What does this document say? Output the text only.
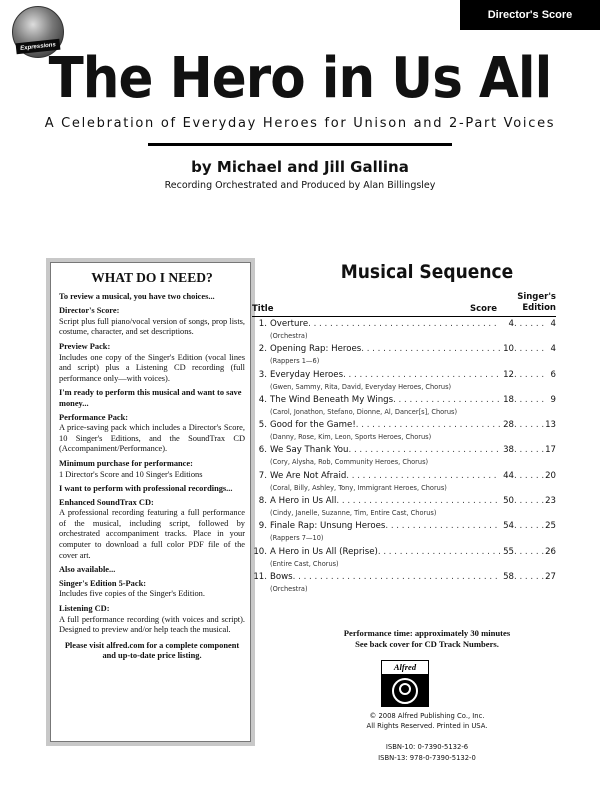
Director's Score
Expressions
The Hero in Us All
A Celebration of Everyday Heroes for Unison and 2-Part Voices
by Michael and Jill Gallina
Recording Orchestrated and Produced by Alan Billingsley
WHAT DO I NEED?
To review a musical, you have two choices...
Director's Score:
Script plus full piano/vocal version of songs, prop lists, costume, character, and set descriptions.
Preview Pack:
Includes one copy of the Singer's Edition (vocal lines and script) plus a Listening CD recording (full performance only—with voices).
I'm ready to perform this musical and want to save money...
Performance Pack:
A price-saving pack which includes a Director's Score, 10 Singer's Editions, and the SoundTrax CD (Accompaniment/Performance).
Minimum purchase for performance:
1 Director's Score and 10 Singer's Editions
I want to perform with professional recordings...
Enhanced SoundTrax CD:
A professional recording featuring a full performance of the musical, including script, followed by orchestrated accompaniment tracks. Place in your computer to download a full color PDF file of the cover art.
Also available...
Singer's Edition 5-Pack:
Includes five copies of the Singer's Edition.
Listening CD:
A full performance recording (with voices and script). Designed to preview and/or help teach the musical.
Please visit alfred.com for a complete component and up-to-date price listing.
Musical Sequence
Title	Score
Singer's
Edition
1. Overture . . .	4 . . .	4
(Orchestra)
2. Opening Rap: Heroes . . .	10 . . .	4
(Rappers 1—6)
3. Everyday Heroes . . .	12 . . .	6
(Gwen, Sammy, Rita, David, Everyday Heroes, Chorus)
4. The Wind Beneath My Wings . . .	18 . . .	9
(Carol, Jonathon, Stefano, Dionne, Al, Dancer[s], Chorus)
5. Good for the Game! . . .	28 . . .	13
(Danny, Rose, Kim, Leon, Sports Heroes, Chorus)
6. We Say Thank You . . .	38 . . .	17
(Cory, Alysha, Rob, Community Heroes, Chorus)
7. We Are Not Afraid . . .	44 . . .	20
(Coral, Billy, Ashley, Tony, Immigrant Heroes, Chorus)
8. A Hero in Us All . . .	50 . . .	23
(Cindy, Janelle, Suzanne, Tim, Entire Cast, Chorus)
9. Finale Rap: Unsung Heroes . . .	54 . . .	25
(Rappers 7—10)
10. A Hero in Us All (Reprise) . . .	55 . . .	26
(Entire Cast, Chorus)
11. Bows . . .	58 . . .	27
(Orchestra)
Performance time: approximately 30 minutes
See back cover for CD Track Numbers.
Alfred
© 2008 Alfred Publishing Co., Inc.
All Rights Reserved. Printed in USA.
ISBN-10: 0-7390-5132-6
ISBN-13: 978-0-7390-5132-0
